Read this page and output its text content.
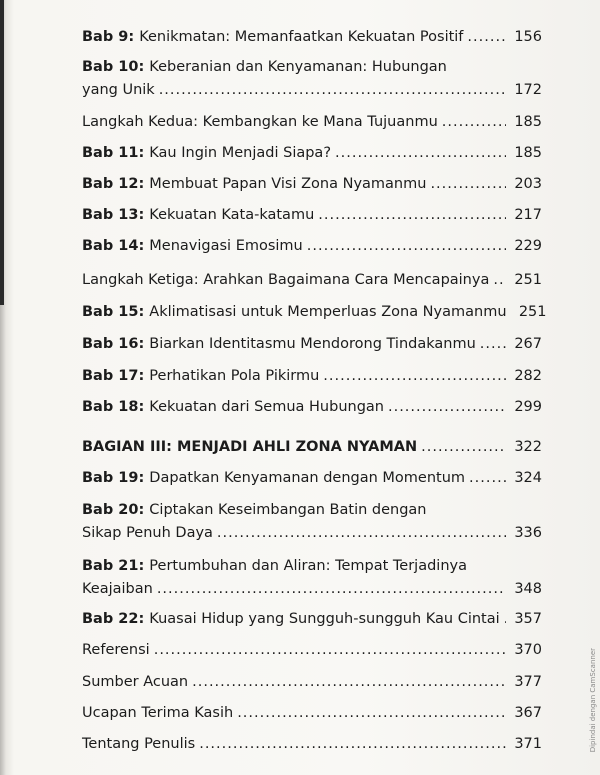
Bab 9: Kenikmatan: Memanfaatkan Kekuatan Positif .....	156
Bab 10: Keberanian dan Kenyamanan: Hubungan
yang Unik .....	172
Langkah Kedua: Kembangkan ke Mana Tujuanmu .....	185
Bab 11: Kau Ingin Menjadi Siapa? .....	185
Bab 12: Membuat Papan Visi Zona Nyamanmu .....	203
Bab 13: Kekuatan Kata-katamu .....	217
Bab 14: Menavigasi Emosimu .....	229
Langkah Ketiga: Arahkan Bagaimana Cara Mencapainya ..... 251
Bab 15: Aklimatisasi untuk Memperluas Zona Nyamanmu 251
Bab 16: Biarkan Identitasmu Mendorong Tindakanmu .....	267
Bab 17: Perhatikan Pola Pikirmu .....	282
Bab 18: Kekuatan dari Semua Hubungan .....	299
BAGIAN III: MENJADI AHLI ZONA NYAMAN .....	322
Bab 19: Dapatkan Kenyamanan dengan Momentum .....	324
Bab 20: Ciptakan Keseimbangan Batin dengan
Sikap Penuh Daya .....	336
Bab 21: Pertumbuhan dan Aliran: Tempat Terjadinya
Keajaiban .....	348
Bab 22: Kuasai Hidup yang Sungguh-sungguh Kau Cintai ..... 357
Referensi .....	370
Sumber Acuan .....	377
Ucapan Terima Kasih .....	367
Tentang Penulis .....	371	Dipindai dengan CamScanner
